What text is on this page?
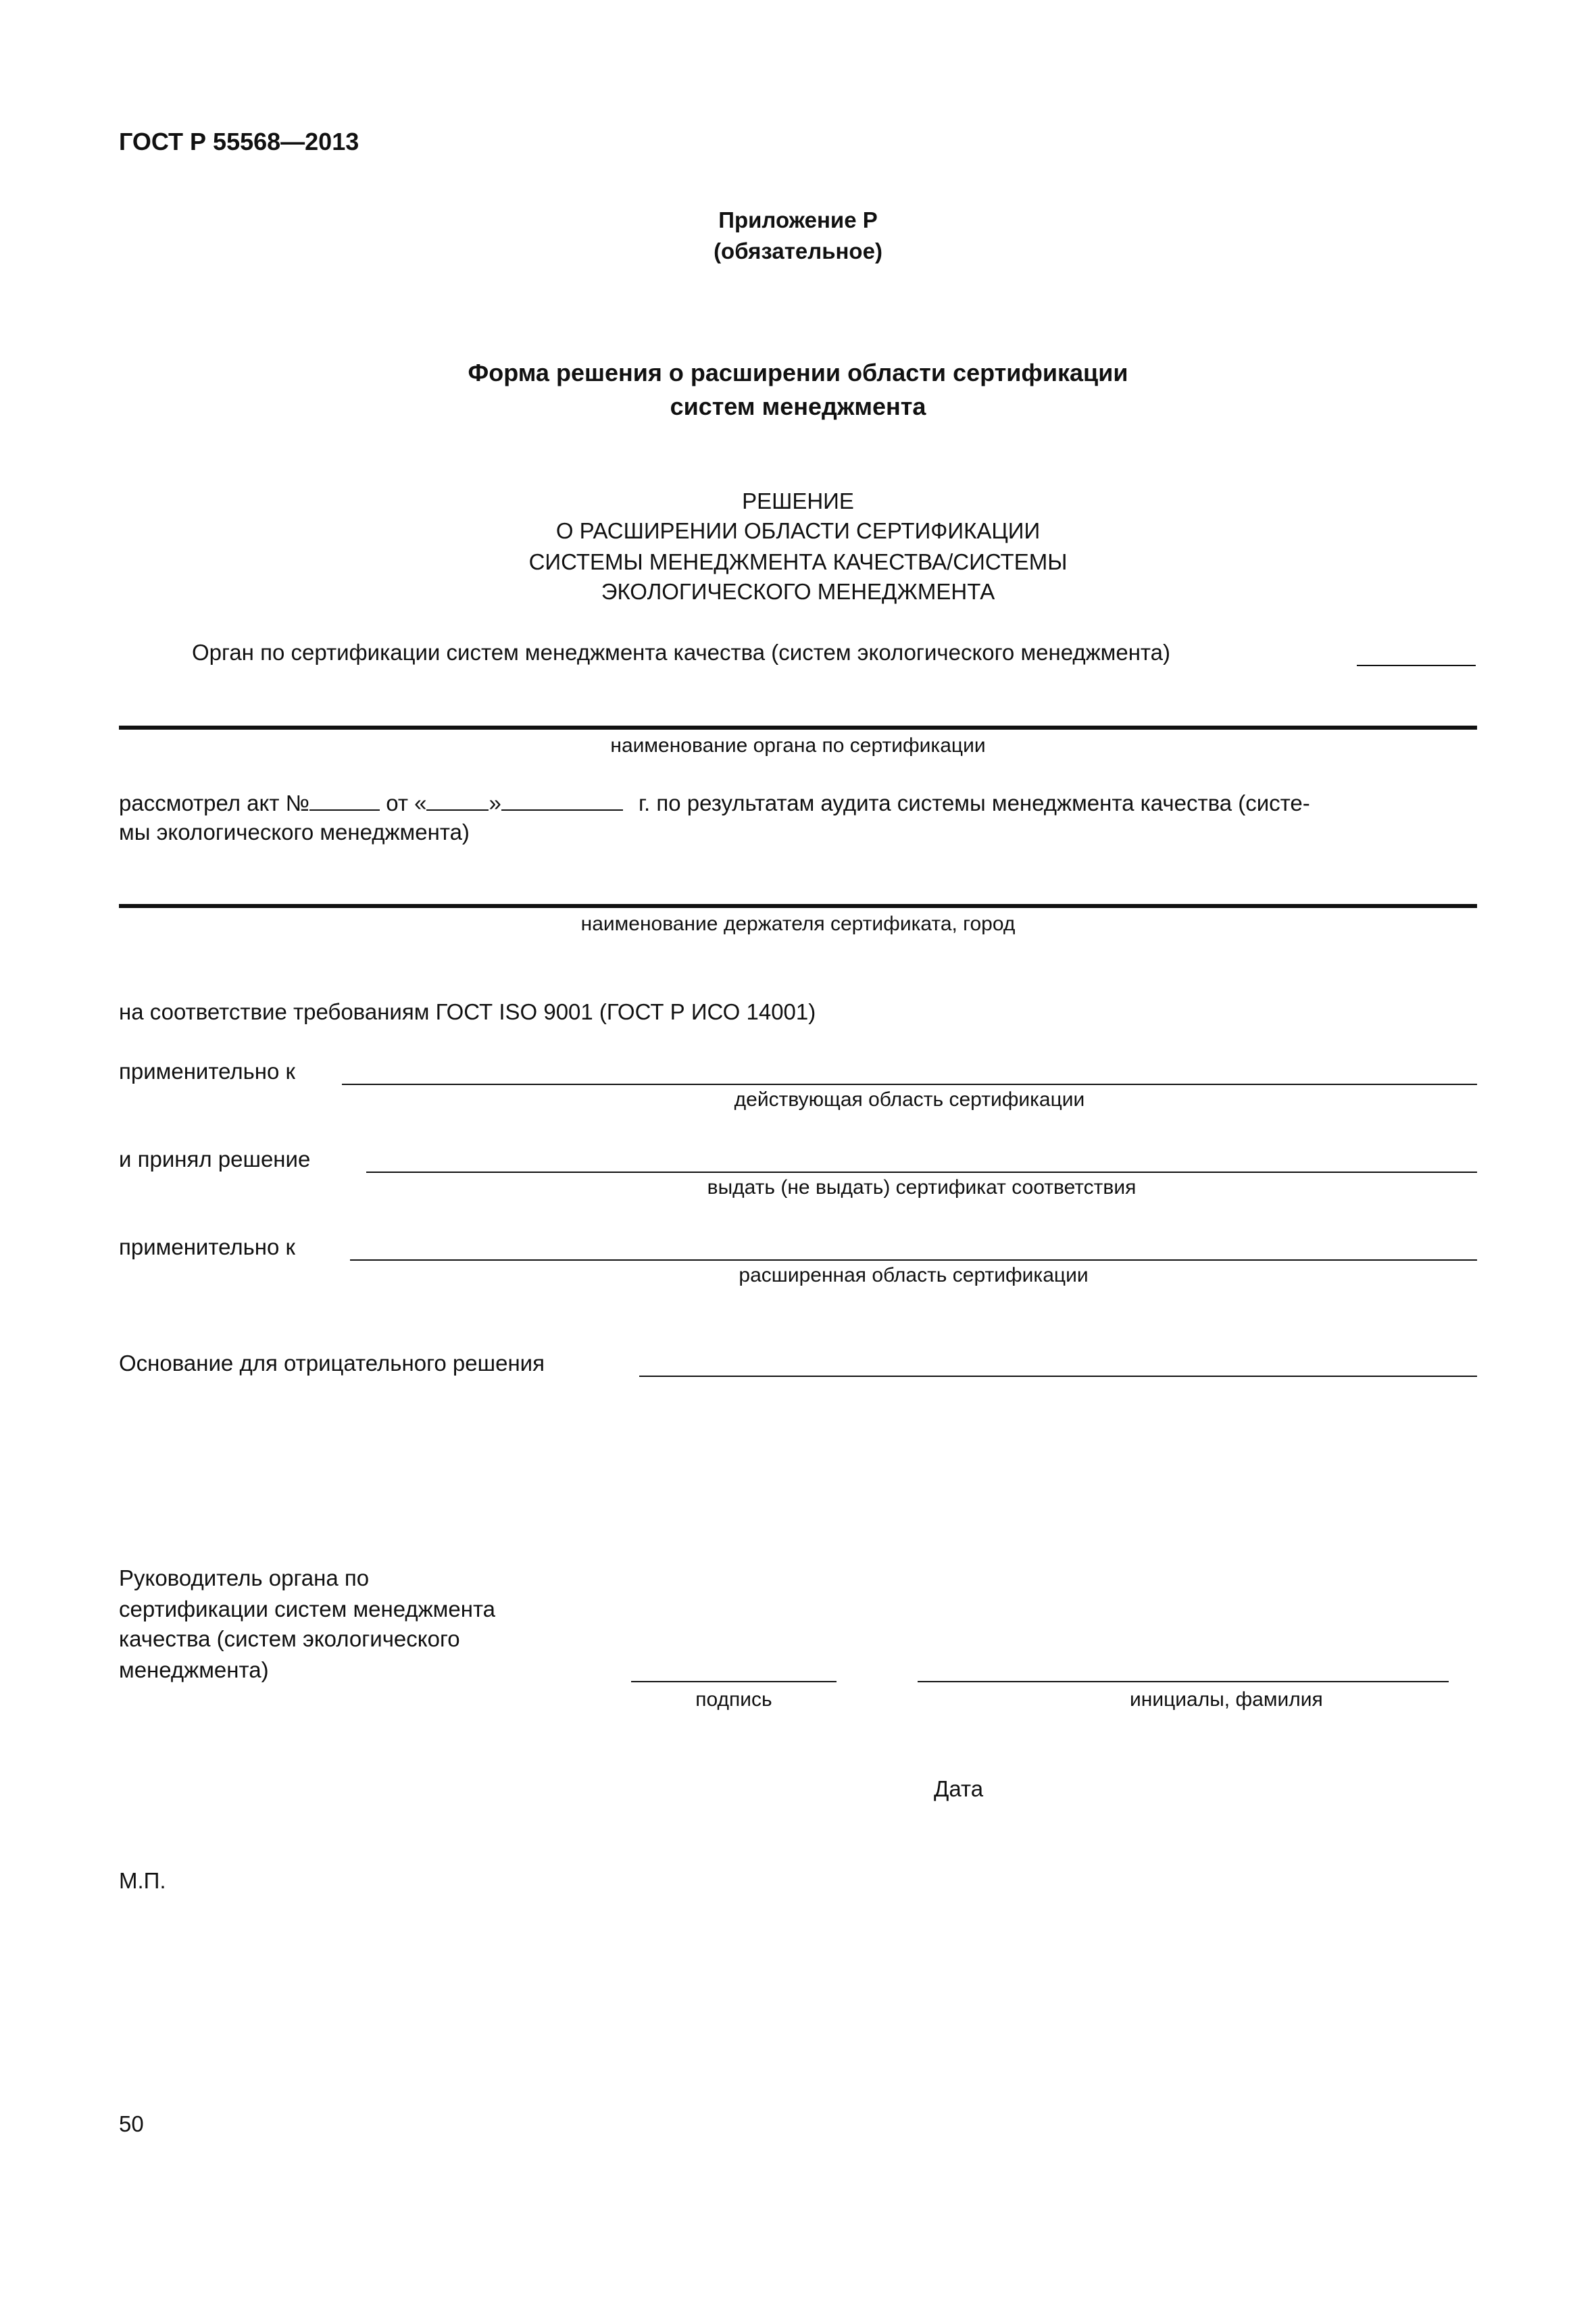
ГОСТ Р 55568—2013
Приложение Р
(обязательное)
Форма решения о расширении области сертификации
систем менеджмента
РЕШЕНИЕ
О РАСШИРЕНИИ ОБЛАСТИ СЕРТИФИКАЦИИ
СИСТЕМЫ МЕНЕДЖМЕНТА КАЧЕСТВА/СИСТЕМЫ
ЭКОЛОГИЧЕСКОГО МЕНЕДЖМЕНТА
Орган по сертификации систем менеджмента качества (систем экологического менеджмента)
наименование органа по сертификации
рассмотрел акт №	от «	»	г. по результатам аудита системы менеджмента качества (систе-
мы экологического менеджмента)
наименование держателя сертификата, город
на соответствие требованиям ГОСТ ISO 9001 (ГОСТ Р ИСО 14001)
применительно к
действующая область сертификации
и принял решение
выдать (не выдать) сертификат соответствия
применительно к
расширенная область сертификации
Основание для отрицательного решения
Руководитель органа по
сертификации систем менеджмента
качества (систем экологического
менеджмента)
подпись	инициалы, фамилия
Дата
М.П.
50
